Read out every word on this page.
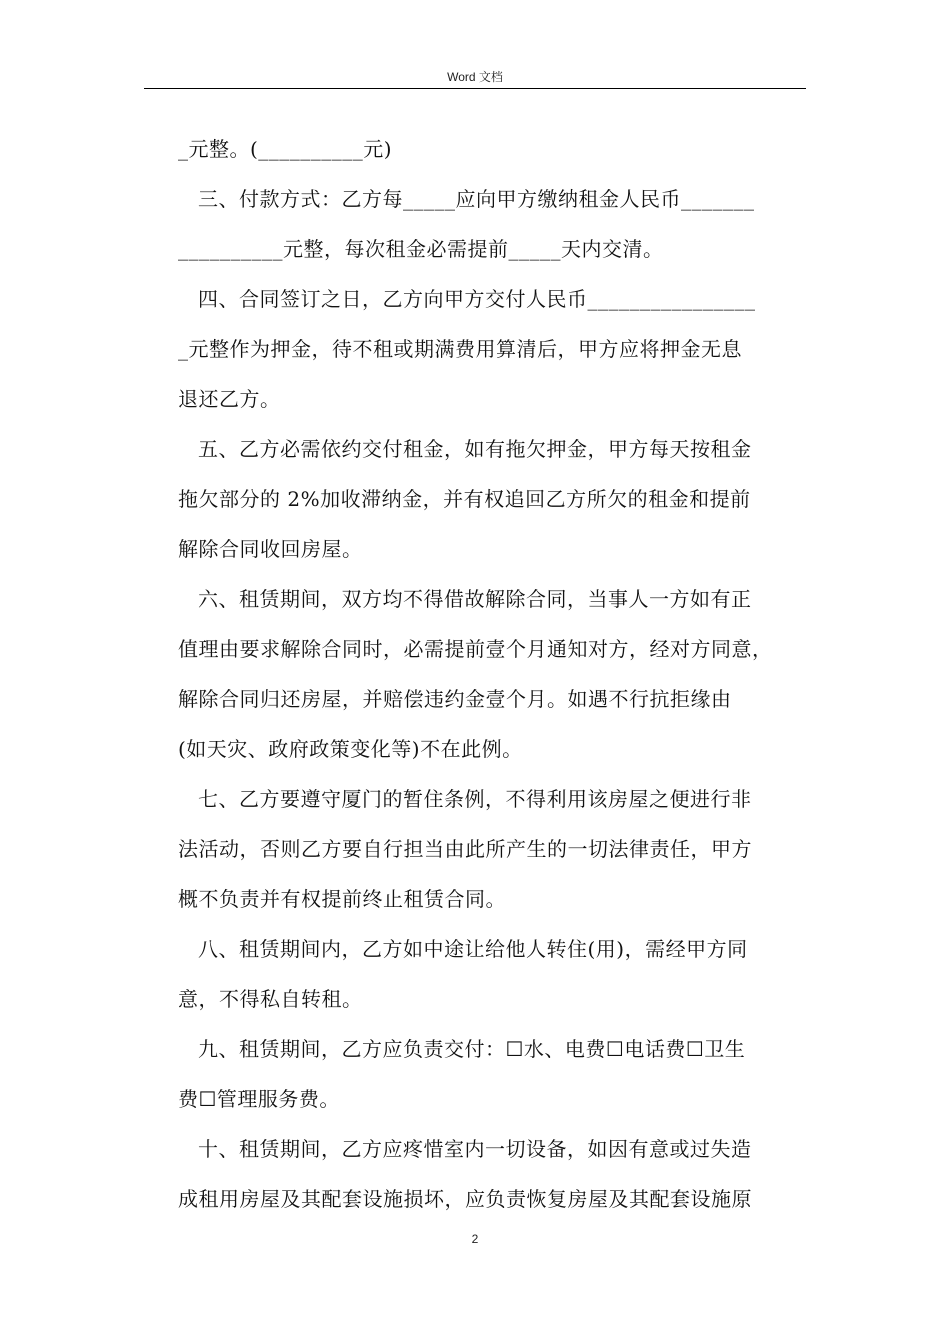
Word 文档
_元整。(__________元)
三、付款方式：乙方每_____应向甲方缴纳租金人民币_______
__________元整，每次租金必需提前_____天内交清。
四、合同签订之日，乙方向甲方交付人民币________________
_元整作为押金，待不租或期满费用算清后，甲方应将押金无息
退还乙方。
五、乙方必需依约交付租金，如有拖欠押金，甲方每天按租金
拖欠部分的 2%加收滞纳金，并有权追回乙方所欠的租金和提前
解除合同收回房屋。
六、租赁期间，双方均不得借故解除合同，当事人一方如有正
值理由要求解除合同时，必需提前壹个月通知对方，经对方同意，
解除合同归还房屋，并赔偿违约金壹个月。如遇不行抗拒缘由
(如天灾、政府政策变化等)不在此例。
七、乙方要遵守厦门的暂住条例，不得利用该房屋之便进行非
法活动，否则乙方要自行担当由此所产生的一切法律责任，甲方
概不负责并有权提前终止租赁合同。
八、租赁期间内，乙方如中途让给他人转住(用)，需经甲方同
意，不得私自转租。
九、租赁期间，乙方应负责交付：☐水、电费☐电话费☐卫生
费☐管理服务费。
十、租赁期间，乙方应疼惜室内一切设备，如因有意或过失造
成租用房屋及其配套设施损坏，应负责恢复房屋及其配套设施原
2
